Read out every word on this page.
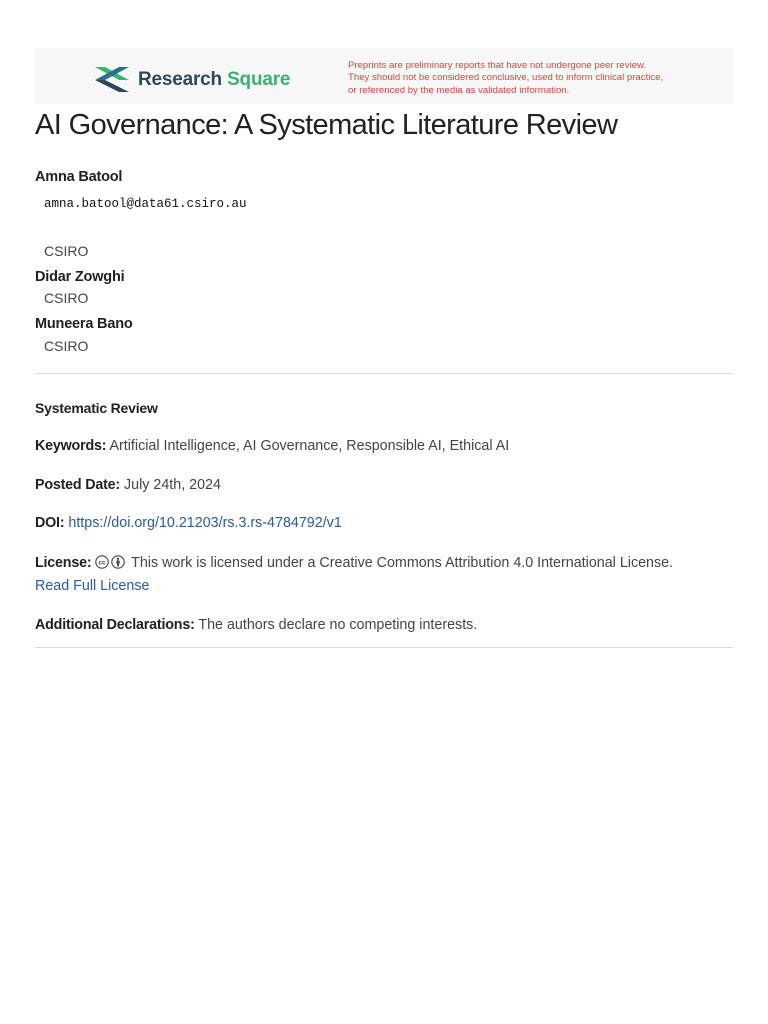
Research Square
Preprints are preliminary reports that have not undergone peer review.
They should not be considered conclusive, used to inform clinical practice,
or referenced by the media as validated information.
AI Governance: A Systematic Literature Review
Amna Batool
amna.batool@data61.csiro.au
CSIRO
Didar Zowghi
CSIRO
Muneera Bano
CSIRO
Systematic Review
Keywords: Artificial Intelligence, AI Governance, Responsible AI, Ethical AI
Posted Date: July 24th, 2024
DOI: https://doi.org/10.21203/rs.3.rs-4784792/v1
License: cc This work is licensed under a Creative Commons Attribution 4.0 International License.
Read Full License
Additional Declarations: The authors declare no competing interests.
